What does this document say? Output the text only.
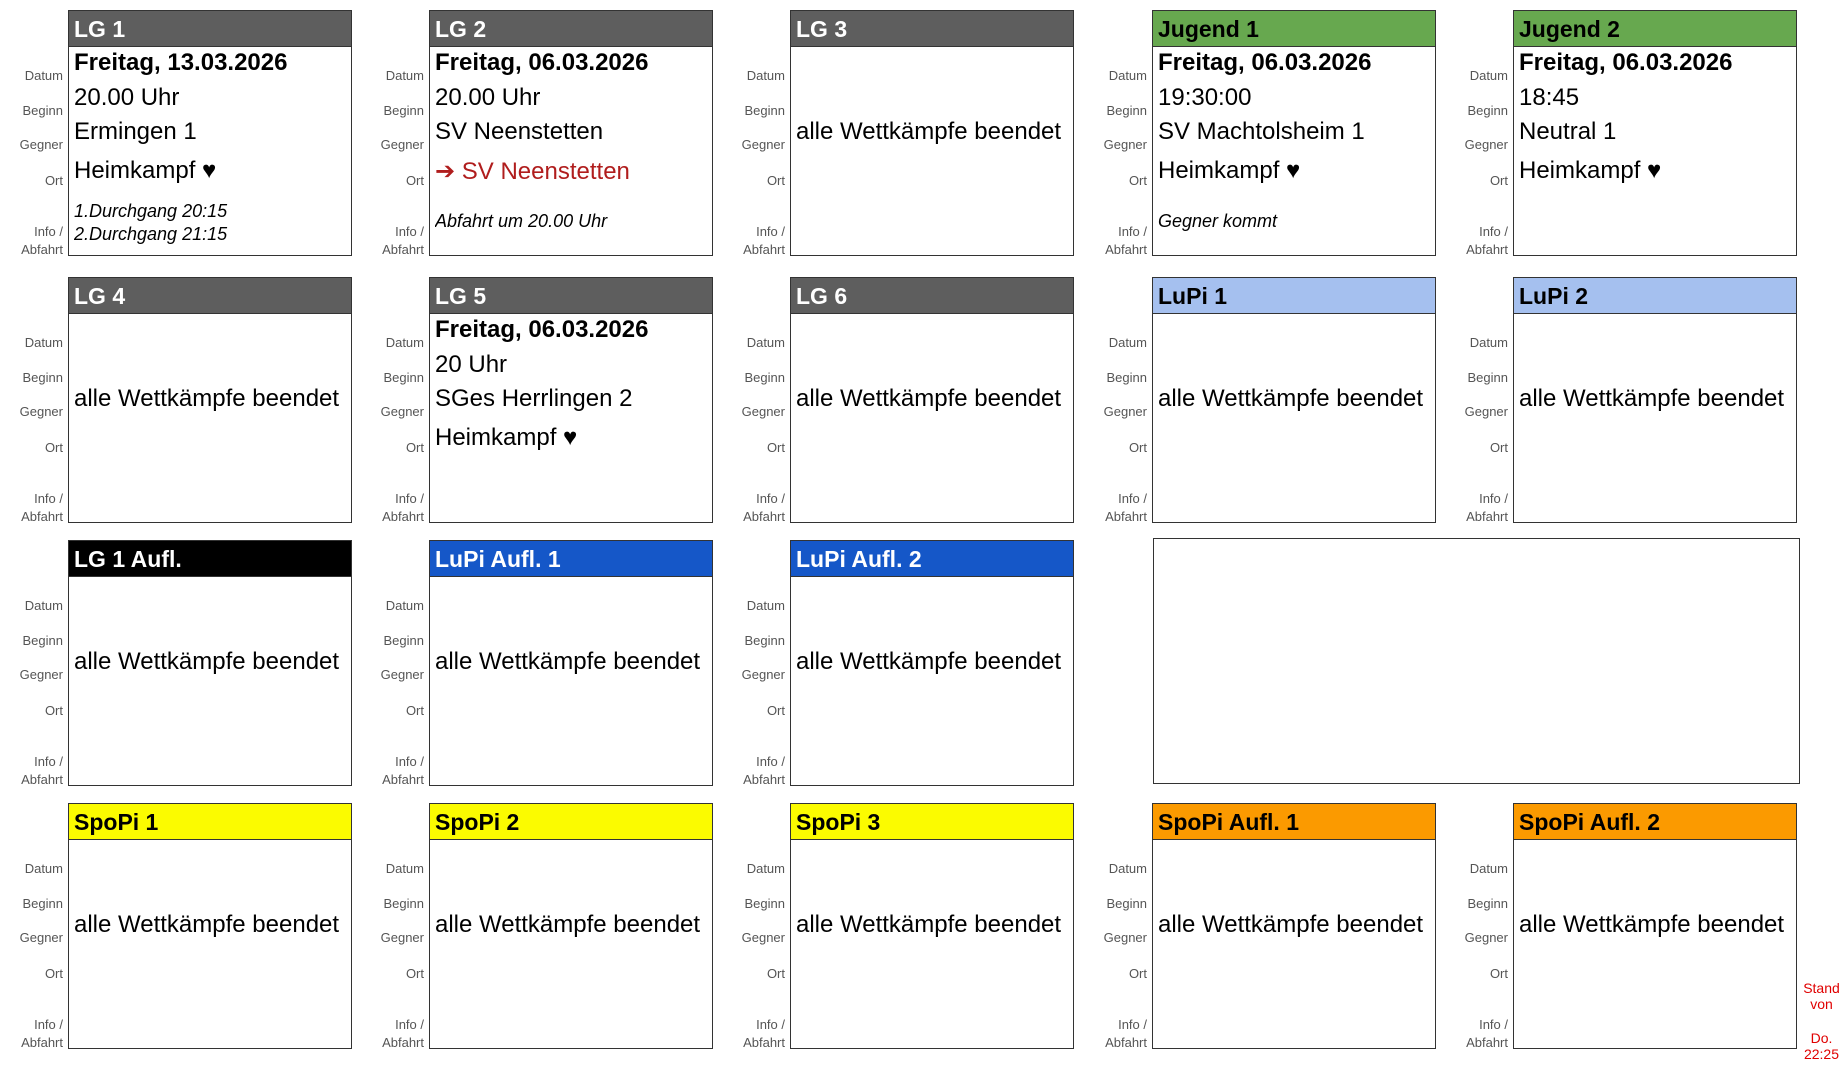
Datum
Beginn
Gegner
Ort
Info /
Abfahrt
LG 1
Freitag, 13.03.2026
20.00 Uhr
Ermingen 1
Heimkampf ♥
1.Durchgang 20:15
2.Durchgang 21:15
Datum
Beginn
Gegner
Ort
Info /
Abfahrt
LG 2
Freitag, 06.03.2026
20.00 Uhr
SV Neenstetten
➔ SV Neenstetten
Abfahrt um 20.00 Uhr
Datum
Beginn
Gegner
Ort
Info /
Abfahrt
LG 3
alle Wettkämpfe beendet
Datum
Beginn
Gegner
Ort
Info /
Abfahrt
Jugend 1
Freitag, 06.03.2026
19:30:00
SV Machtolsheim 1
Heimkampf ♥
Gegner kommt
Datum
Beginn
Gegner
Ort
Info /
Abfahrt
Jugend 2
Freitag, 06.03.2026
18:45
Neutral 1
Heimkampf ♥
Datum
Beginn
Gegner
Ort
Info /
Abfahrt
LG 4
alle Wettkämpfe beendet
Datum
Beginn
Gegner
Ort
Info /
Abfahrt
LG 5
Freitag, 06.03.2026
20 Uhr
SGes Herrlingen 2
Heimkampf ♥
Datum
Beginn
Gegner
Ort
Info /
Abfahrt
LG 6
alle Wettkämpfe beendet
Datum
Beginn
Gegner
Ort
Info /
Abfahrt
LuPi 1
alle Wettkämpfe beendet
Datum
Beginn
Gegner
Ort
Info /
Abfahrt
LuPi 2
alle Wettkämpfe beendet
Datum
Beginn
Gegner
Ort
Info /
Abfahrt
LG 1 Aufl.
alle Wettkämpfe beendet
Datum
Beginn
Gegner
Ort
Info /
Abfahrt
LuPi Aufl. 1
alle Wettkämpfe beendet
Datum
Beginn
Gegner
Ort
Info /
Abfahrt
LuPi Aufl. 2
alle Wettkämpfe beendet
Datum
Beginn
Gegner
Ort
Info /
Abfahrt
SpoPi 1
alle Wettkämpfe beendet
Datum
Beginn
Gegner
Ort
Info /
Abfahrt
SpoPi 2
alle Wettkämpfe beendet
Datum
Beginn
Gegner
Ort
Info /
Abfahrt
SpoPi 3
alle Wettkämpfe beendet
Datum
Beginn
Gegner
Ort
Info /
Abfahrt
SpoPi Aufl. 1
alle Wettkämpfe beendet
Datum
Beginn
Gegner
Ort
Info /
Abfahrt
SpoPi Aufl. 2
alle Wettkämpfe beendet
Stand
von
Do.
22:25
